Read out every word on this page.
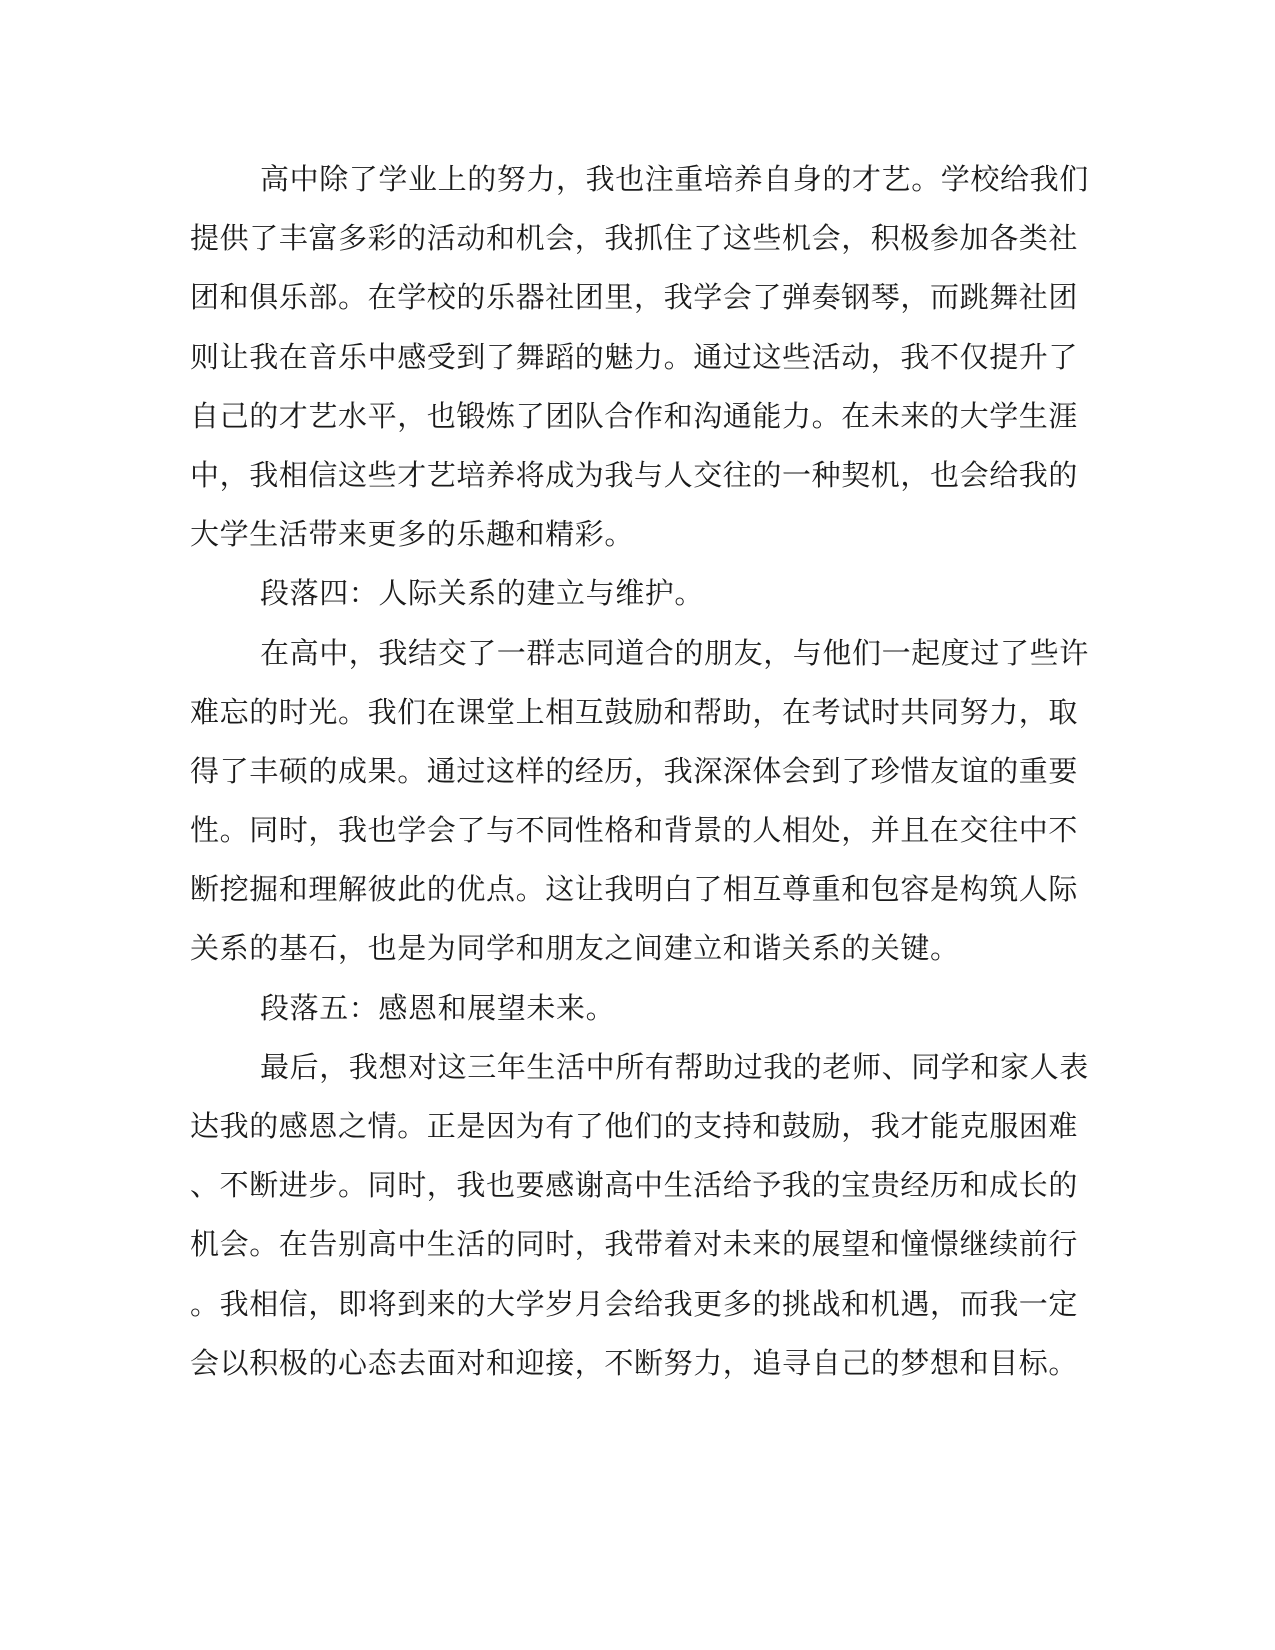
高中除了学业上的努力，我也注重培养自身的才艺。学校给我们
提供了丰富多彩的活动和机会，我抓住了这些机会，积极参加各类社
团和俱乐部。在学校的乐器社团里，我学会了弹奏钢琴，而跳舞社团
则让我在音乐中感受到了舞蹈的魅力。通过这些活动，我不仅提升了
自己的才艺水平，也锻炼了团队合作和沟通能力。在未来的大学生涯
中，我相信这些才艺培养将成为我与人交往的一种契机，也会给我的
大学生活带来更多的乐趣和精彩。
段落四：人际关系的建立与维护。
在高中，我结交了一群志同道合的朋友，与他们一起度过了些许
难忘的时光。我们在课堂上相互鼓励和帮助，在考试时共同努力，取
得了丰硕的成果。通过这样的经历，我深深体会到了珍惜友谊的重要
性。同时，我也学会了与不同性格和背景的人相处，并且在交往中不
断挖掘和理解彼此的优点。这让我明白了相互尊重和包容是构筑人际
关系的基石，也是为同学和朋友之间建立和谐关系的关键。
段落五：感恩和展望未来。
最后，我想对这三年生活中所有帮助过我的老师、同学和家人表
达我的感恩之情。正是因为有了他们的支持和鼓励，我才能克服困难
、不断进步。同时，我也要感谢高中生活给予我的宝贵经历和成长的
机会。在告别高中生活的同时，我带着对未来的展望和憧憬继续前行
。我相信，即将到来的大学岁月会给我更多的挑战和机遇，而我一定
会以积极的心态去面对和迎接，不断努力，追寻自己的梦想和目标。
